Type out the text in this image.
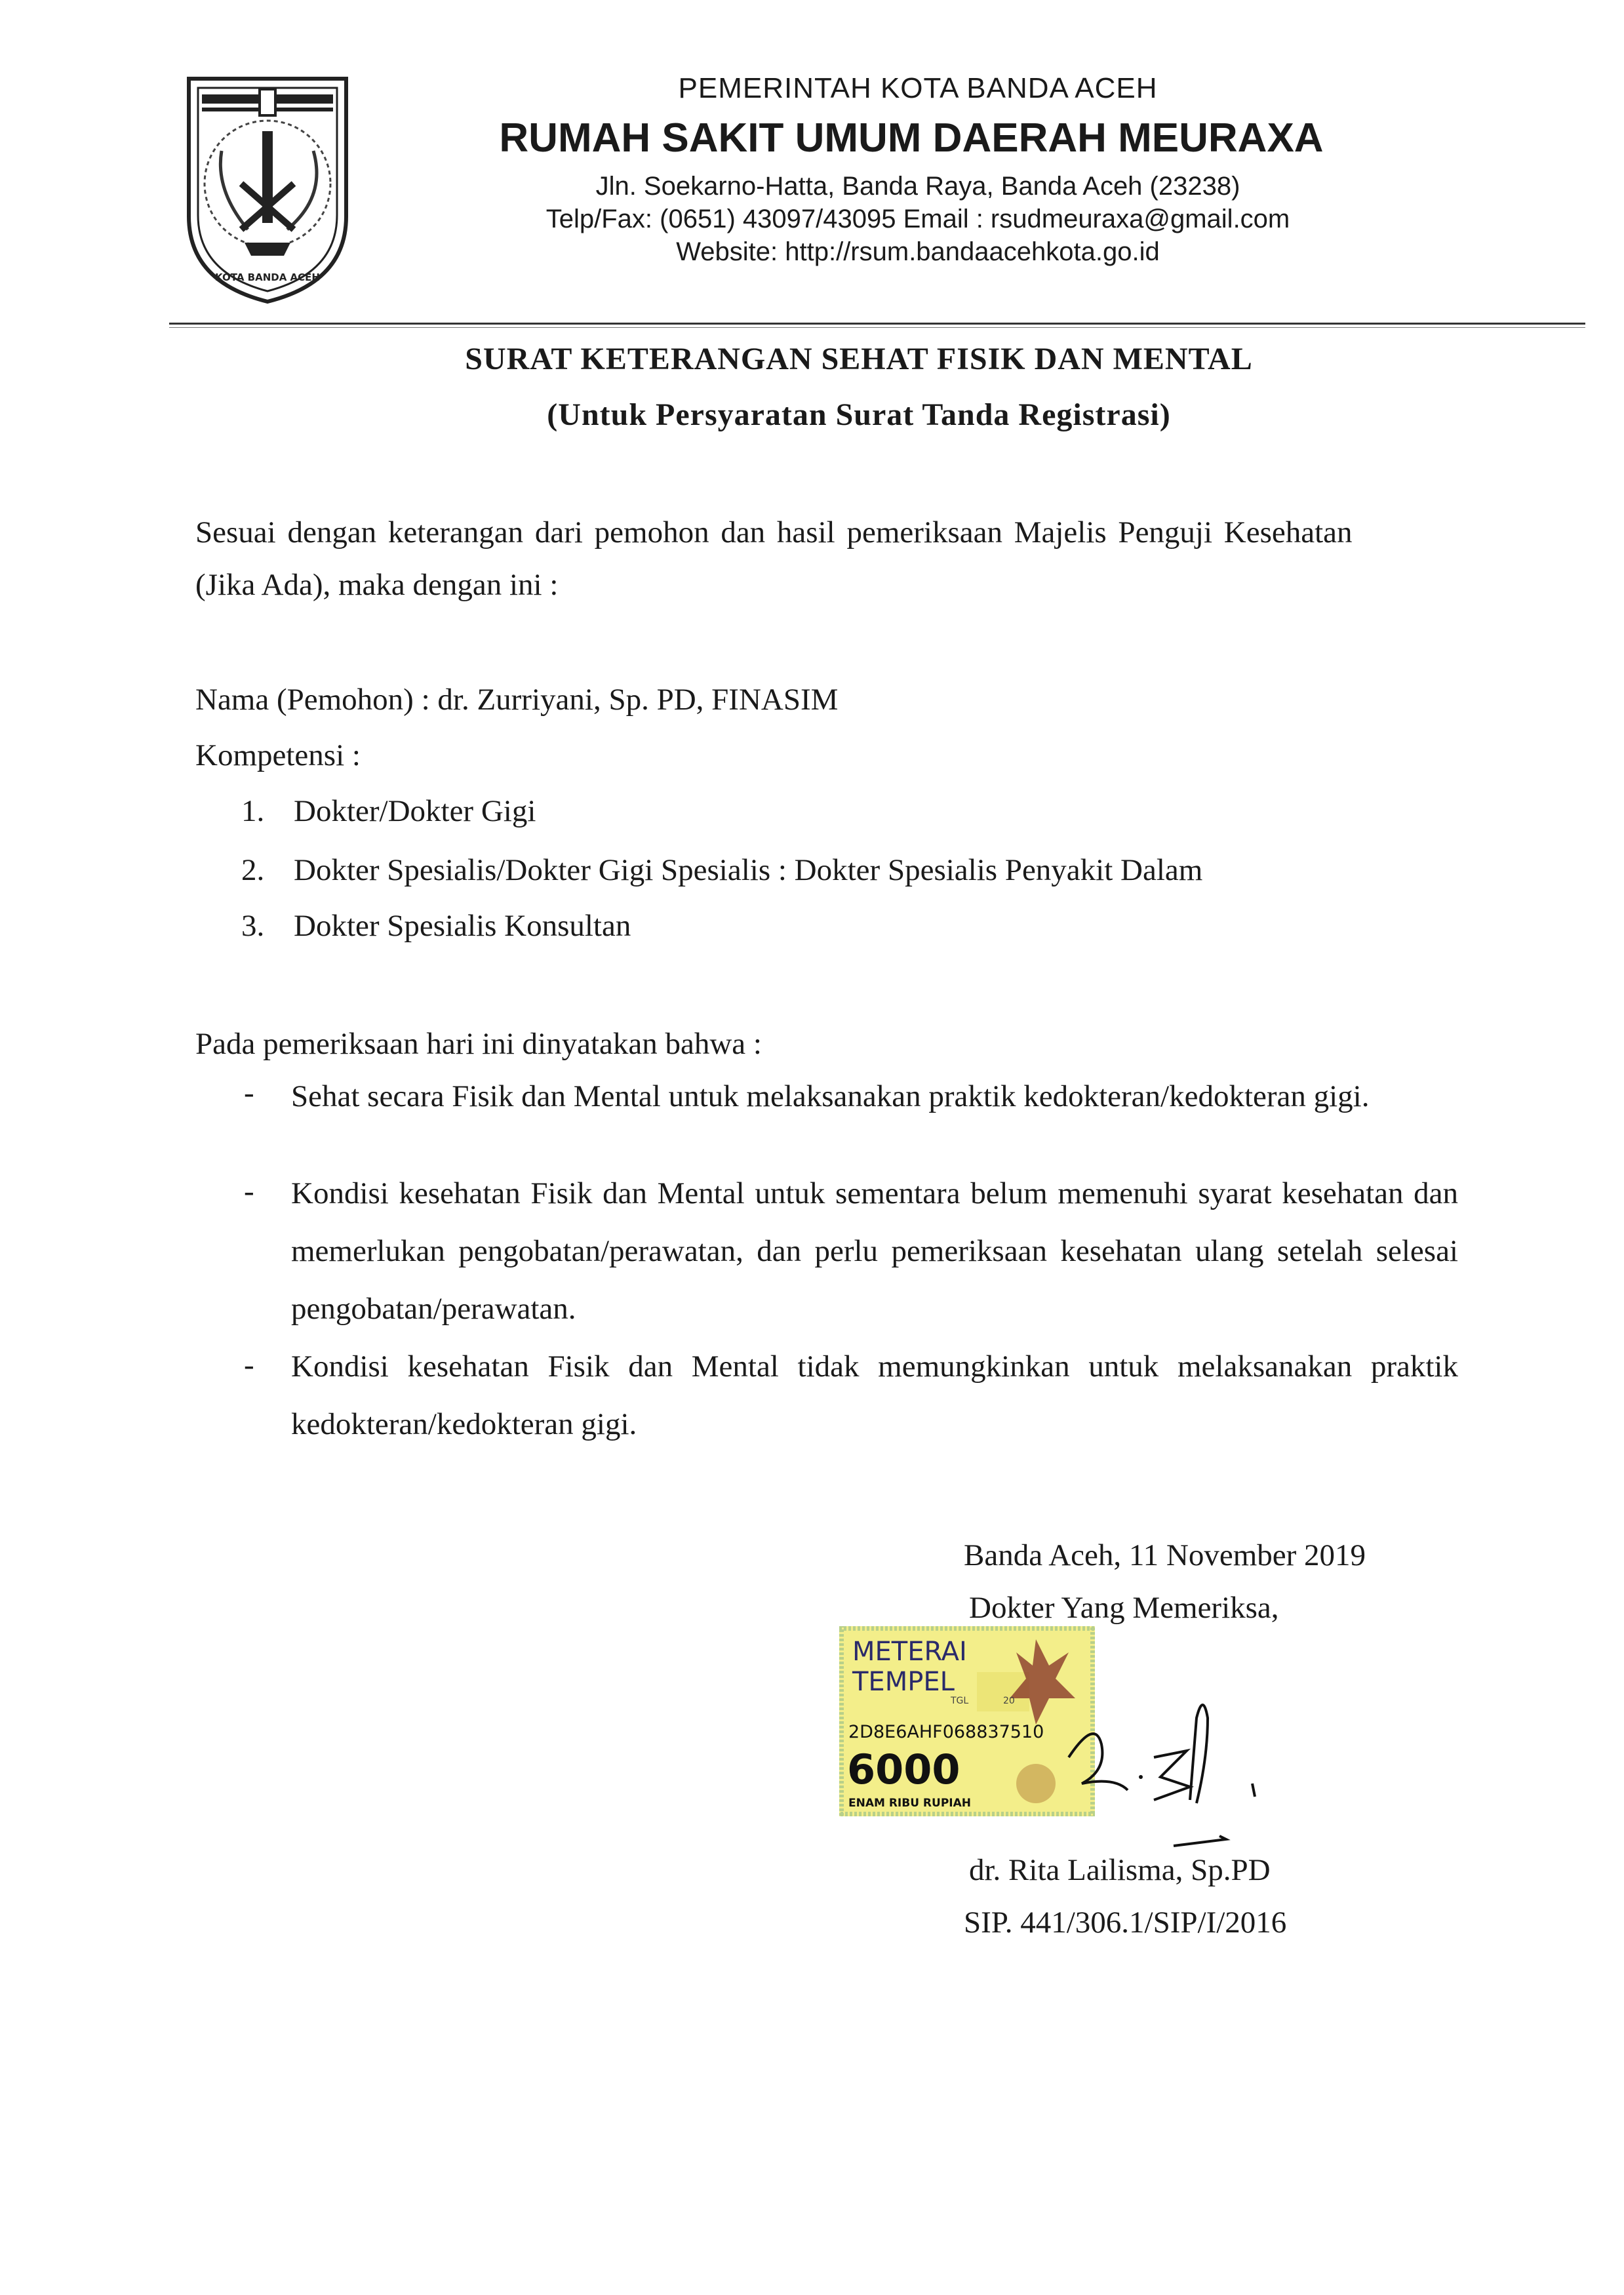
KOTA BANDA ACEH
PEMERINTAH KOTA BANDA ACEH
RUMAH SAKIT UMUM DAERAH MEURAXA
Jln. Soekarno-Hatta, Banda Raya, Banda Aceh (23238)
Telp/Fax: (0651) 43097/43095 Email : rsudmeuraxa@gmail.com
Website: http://rsum.bandaacehkota.go.id
SURAT KETERANGAN SEHAT FISIK DAN MENTAL
(Untuk Persyaratan Surat Tanda Registrasi)
Sesuai dengan keterangan dari pemohon dan hasil pemeriksaan Majelis Penguji Kesehatan
(Jika Ada), maka dengan ini :
Nama (Pemohon) : dr. Zurriyani, Sp. PD, FINASIM
Kompetensi :
1. Dokter/Dokter Gigi
2. Dokter Spesialis/Dokter Gigi Spesialis : Dokter Spesialis Penyakit Dalam
3. Dokter Spesialis Konsultan
Pada pemeriksaan hari ini dinyatakan bahwa :
- Sehat secara Fisik dan Mental untuk melaksanakan praktik kedokteran/kedokteran gigi.
- Kondisi kesehatan Fisik dan Mental untuk sementara belum memenuhi syarat kesehatan dan memerlukan pengobatan/perawatan, dan perlu pemeriksaan kesehatan ulang setelah selesai pengobatan/perawatan.
- Kondisi kesehatan Fisik dan Mental tidak memungkinkan untuk melaksanakan praktik kedokteran/kedokteran gigi.
Banda Aceh, 11 November 2019
Dokter Yang Memeriksa,
METERAI
TEMPEL
TGL	20
2D8E6AHF068837510
6000
ENAM RIBU RUPIAH
dr. Rita Lailisma, Sp.PD
SIP. 441/306.1/SIP/I/2016
